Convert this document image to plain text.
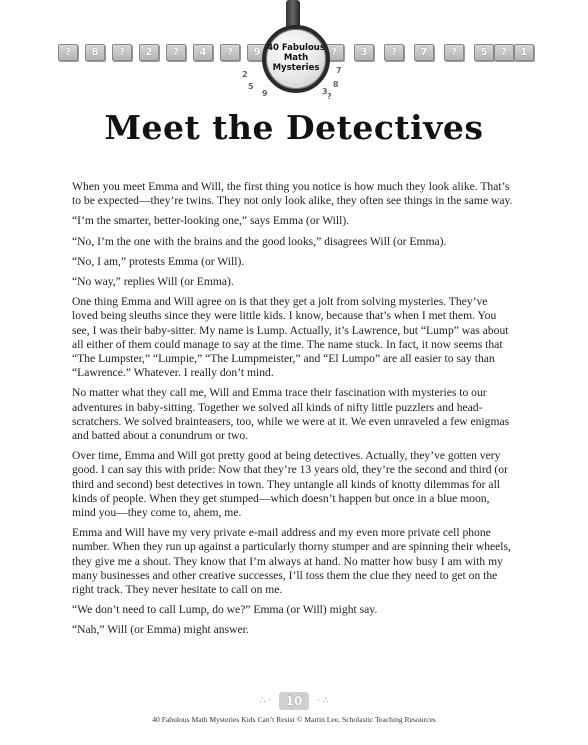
?	8	?	2	?	4	?	9	?	3	?	7	?	5	?	1
40 Fabulous
Math
Mysteries
2
5
9	3
8
7
?
Meet the Detectives

When you meet Emma and Will, the first thing you notice is how much they look alike. That’s to be expected—they’re twins. They not only look alike, they often see things in the same way.

“I’m the smarter, better-looking one,” says Emma (or Will).

“No, I’m the one with the brains and the good looks,” disagrees Will (or Emma).

“No, I am,” protests Emma (or Will).

“No way,” replies Will (or Emma).

One thing Emma and Will agree on is that they get a jolt from solving mysteries. They’ve loved being sleuths since they were little kids. I know, because that’s when I met them. You see, I was their baby-sitter. My name is Lump. Actually, it’s Lawrence, but “Lump” was about all either of them could manage to say at the time. The name stuck. In fact, it now seems that “The Lumpster,” “Lumpie,” “The Lumpmeister,” and “El Lumpo” are all easier to say than “Lawrence.” Whatever. I really don’t mind.

No matter what they call me, Will and Emma trace their fascination with mysteries to our adventures in baby-sitting. Together we solved all kinds of nifty little puzzlers and head-scratchers. We solved brainteasers, too, while we were at it. We even unraveled a few enigmas and batted about a conundrum or two.

Over time, Emma and Will got pretty good at being detectives. Actually, they’ve gotten very good. I can say this with pride: Now that they’re 13 years old, they’re the second and third (or third and second) best detectives in town. They untangle all kinds of knotty dilemmas for all kinds of people. When they get stumped—which doesn’t happen but once in a blue moon, mind you—they come to, ahem, me.

Emma and Will have my very private e-mail address and my even more private cell phone number. When they run up against a particularly thorny stumper and are spinning their wheels, they give me a shout. They know that I’m always at hand. No matter how busy I am with my many businesses and other creative successes, I’ll toss them the clue they need to get on the right track. They never hesitate to call on me.

“We don’t need to call Lump, do we?” Emma (or Will) might say.

“Nah,” Will (or Emma) might answer.

∴ · 10 · ∴
40 Fabulous Math Mysteries Kids Can’t Resist © Martin Lee, Scholastic Teaching Resources
